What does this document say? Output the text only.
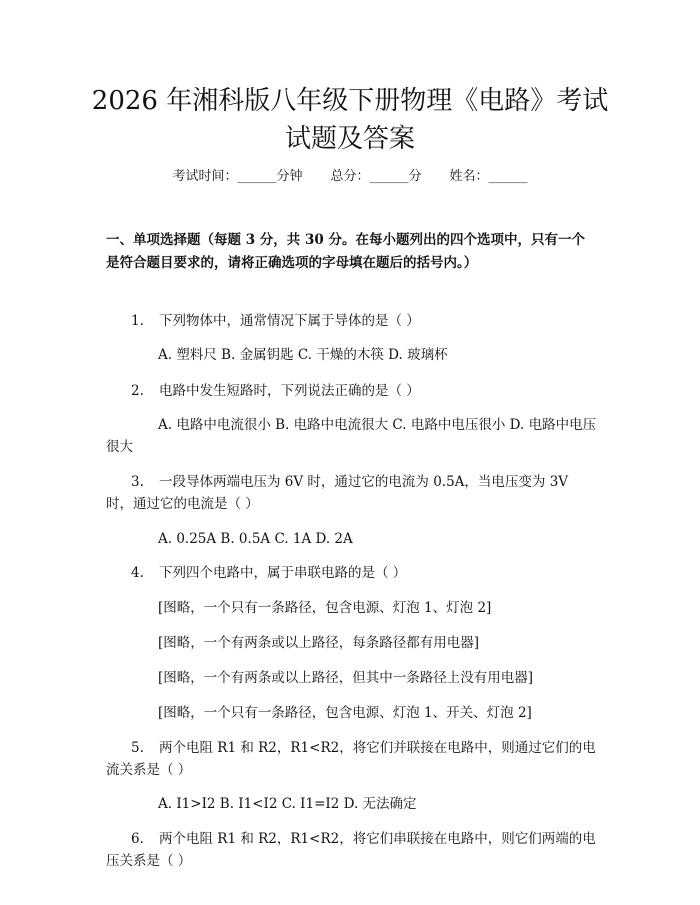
2026 年湘科版八年级下册物理《电路》考试
试题及答案
考试时间：______分钟 总分：______分 姓名：______

一、单项选择题（每题 3 分，共 30 分。在每小题列出的四个选项中，只有一个是符合题目要求的，请将正确选项的字母填在题后的括号内。）

1. 下列物体中，通常情况下属于导体的是（ ）

A. 塑料尺 B. 金属钥匙 C. 干燥的木筷 D. 玻璃杯

2. 电路中发生短路时，下列说法正确的是（ ）

A. 电路中电流很小 B. 电路中电流很大 C. 电路中电压很小 D. 电路中电压很大

3. 一段导体两端电压为 6V 时，通过它的电流为 0.5A，当电压变为 3V 时，通过它的电流是（ ）

A. 0.25A B. 0.5A C. 1A D. 2A

4. 下列四个电路中，属于串联电路的是（ ）

[图略，一个只有一条路径，包含电源、灯泡 1、灯泡 2]

[图略，一个有两条或以上路径，每条路径都有用电器]

[图略，一个有两条或以上路径，但其中一条路径上没有用电器]

[图略，一个只有一条路径，包含电源、灯泡 1、开关、灯泡 2]

5. 两个电阻 R1 和 R2，R1<R2，将它们并联接在电路中，则通过它们的电流关系是（ ）

A. I1>I2 B. I1<I2 C. I1=I2 D. 无法确定

6. 两个电阻 R1 和 R2，R1<R2，将它们串联接在电路中，则它们两端的电压关系是（ ）
